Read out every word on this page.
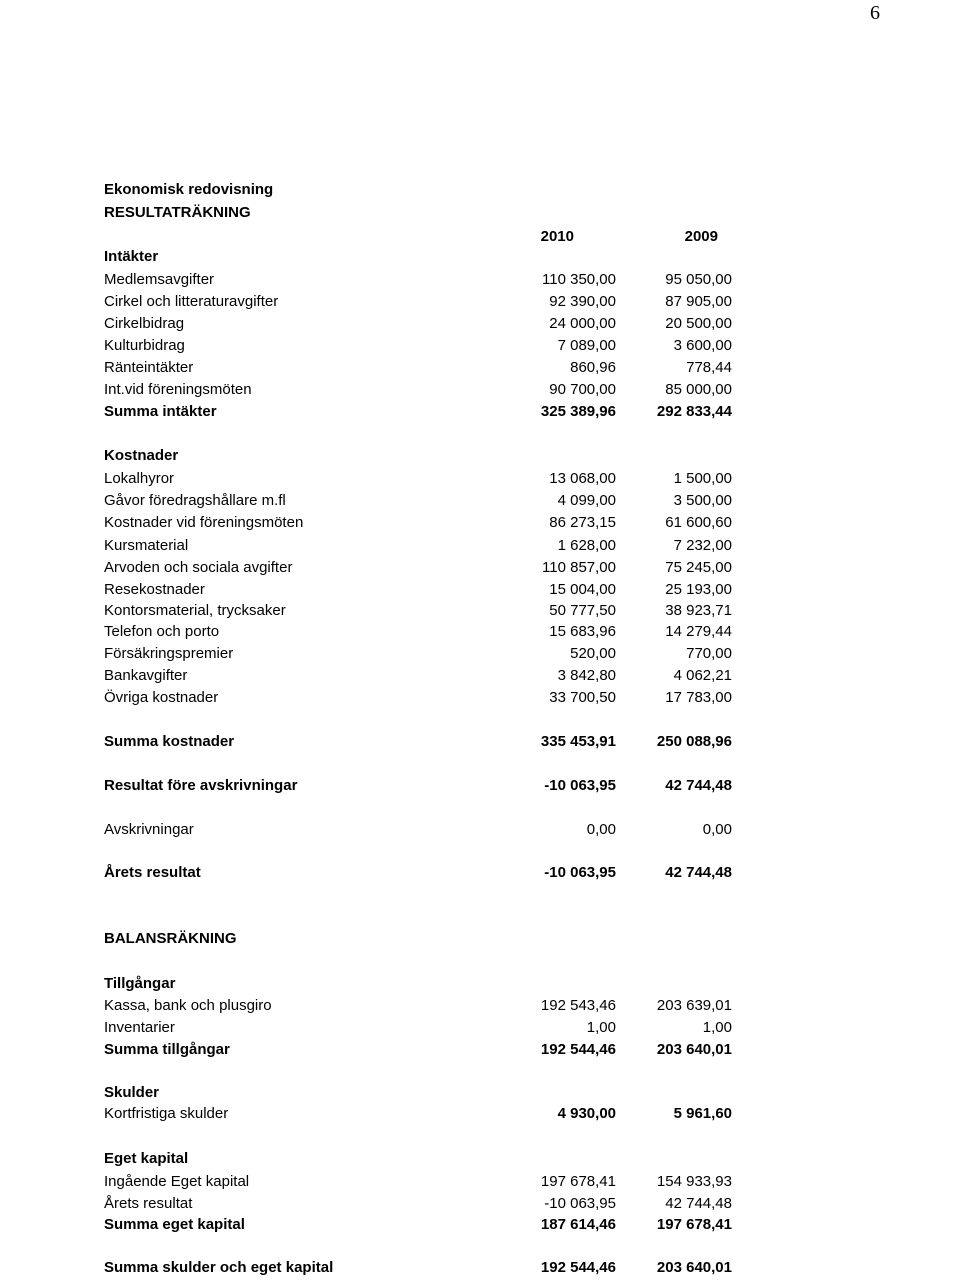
6
Ekonomisk redovisning
RESULTATRÄKNING
2010	2009
Intäkter
Medlemsavgifter	110 350,00	95 050,00
Cirkel och litteraturavgifter	92 390,00	87 905,00
Cirkelbidrag	24 000,00	20 500,00
Kulturbidrag	7 089,00	3 600,00
Ränteintäkter	860,96	778,44
Int.vid föreningsmöten	90 700,00	85 000,00
Summa intäkter	325 389,96	292 833,44
Kostnader
Lokalhyror	13 068,00	1 500,00
Gåvor föredragshållare m.fl	4 099,00	3 500,00
Kostnader vid föreningsmöten	86 273,15	61 600,60
Kursmaterial	1 628,00	7 232,00
Arvoden och sociala avgifter	110 857,00	75 245,00
Resekostnader	15 004,00	25 193,00
Kontorsmaterial, trycksaker	50 777,50	38 923,71
Telefon och porto	15 683,96	14 279,44
Försäkringspremier	520,00	770,00
Bankavgifter	3 842,80	4 062,21
Övriga kostnader	33 700,50	17 783,00
Summa kostnader	335 453,91	250 088,96
Resultat före avskrivningar	-10 063,95	42 744,48
Avskrivningar	0,00	0,00
Årets resultat	-10 063,95	42 744,48
BALANSRÄKNING
Tillgångar
Kassa, bank och plusgiro	192 543,46	203 639,01
Inventarier	1,00	1,00
Summa tillgångar	192 544,46	203 640,01
Skulder
Kortfristiga skulder	4 930,00	5 961,60
Eget kapital
Ingående Eget kapital	197 678,41	154 933,93
Årets resultat	-10 063,95	42 744,48
Summa eget kapital	187 614,46	197 678,41
Summa skulder och eget kapital	192 544,46	203 640,01
